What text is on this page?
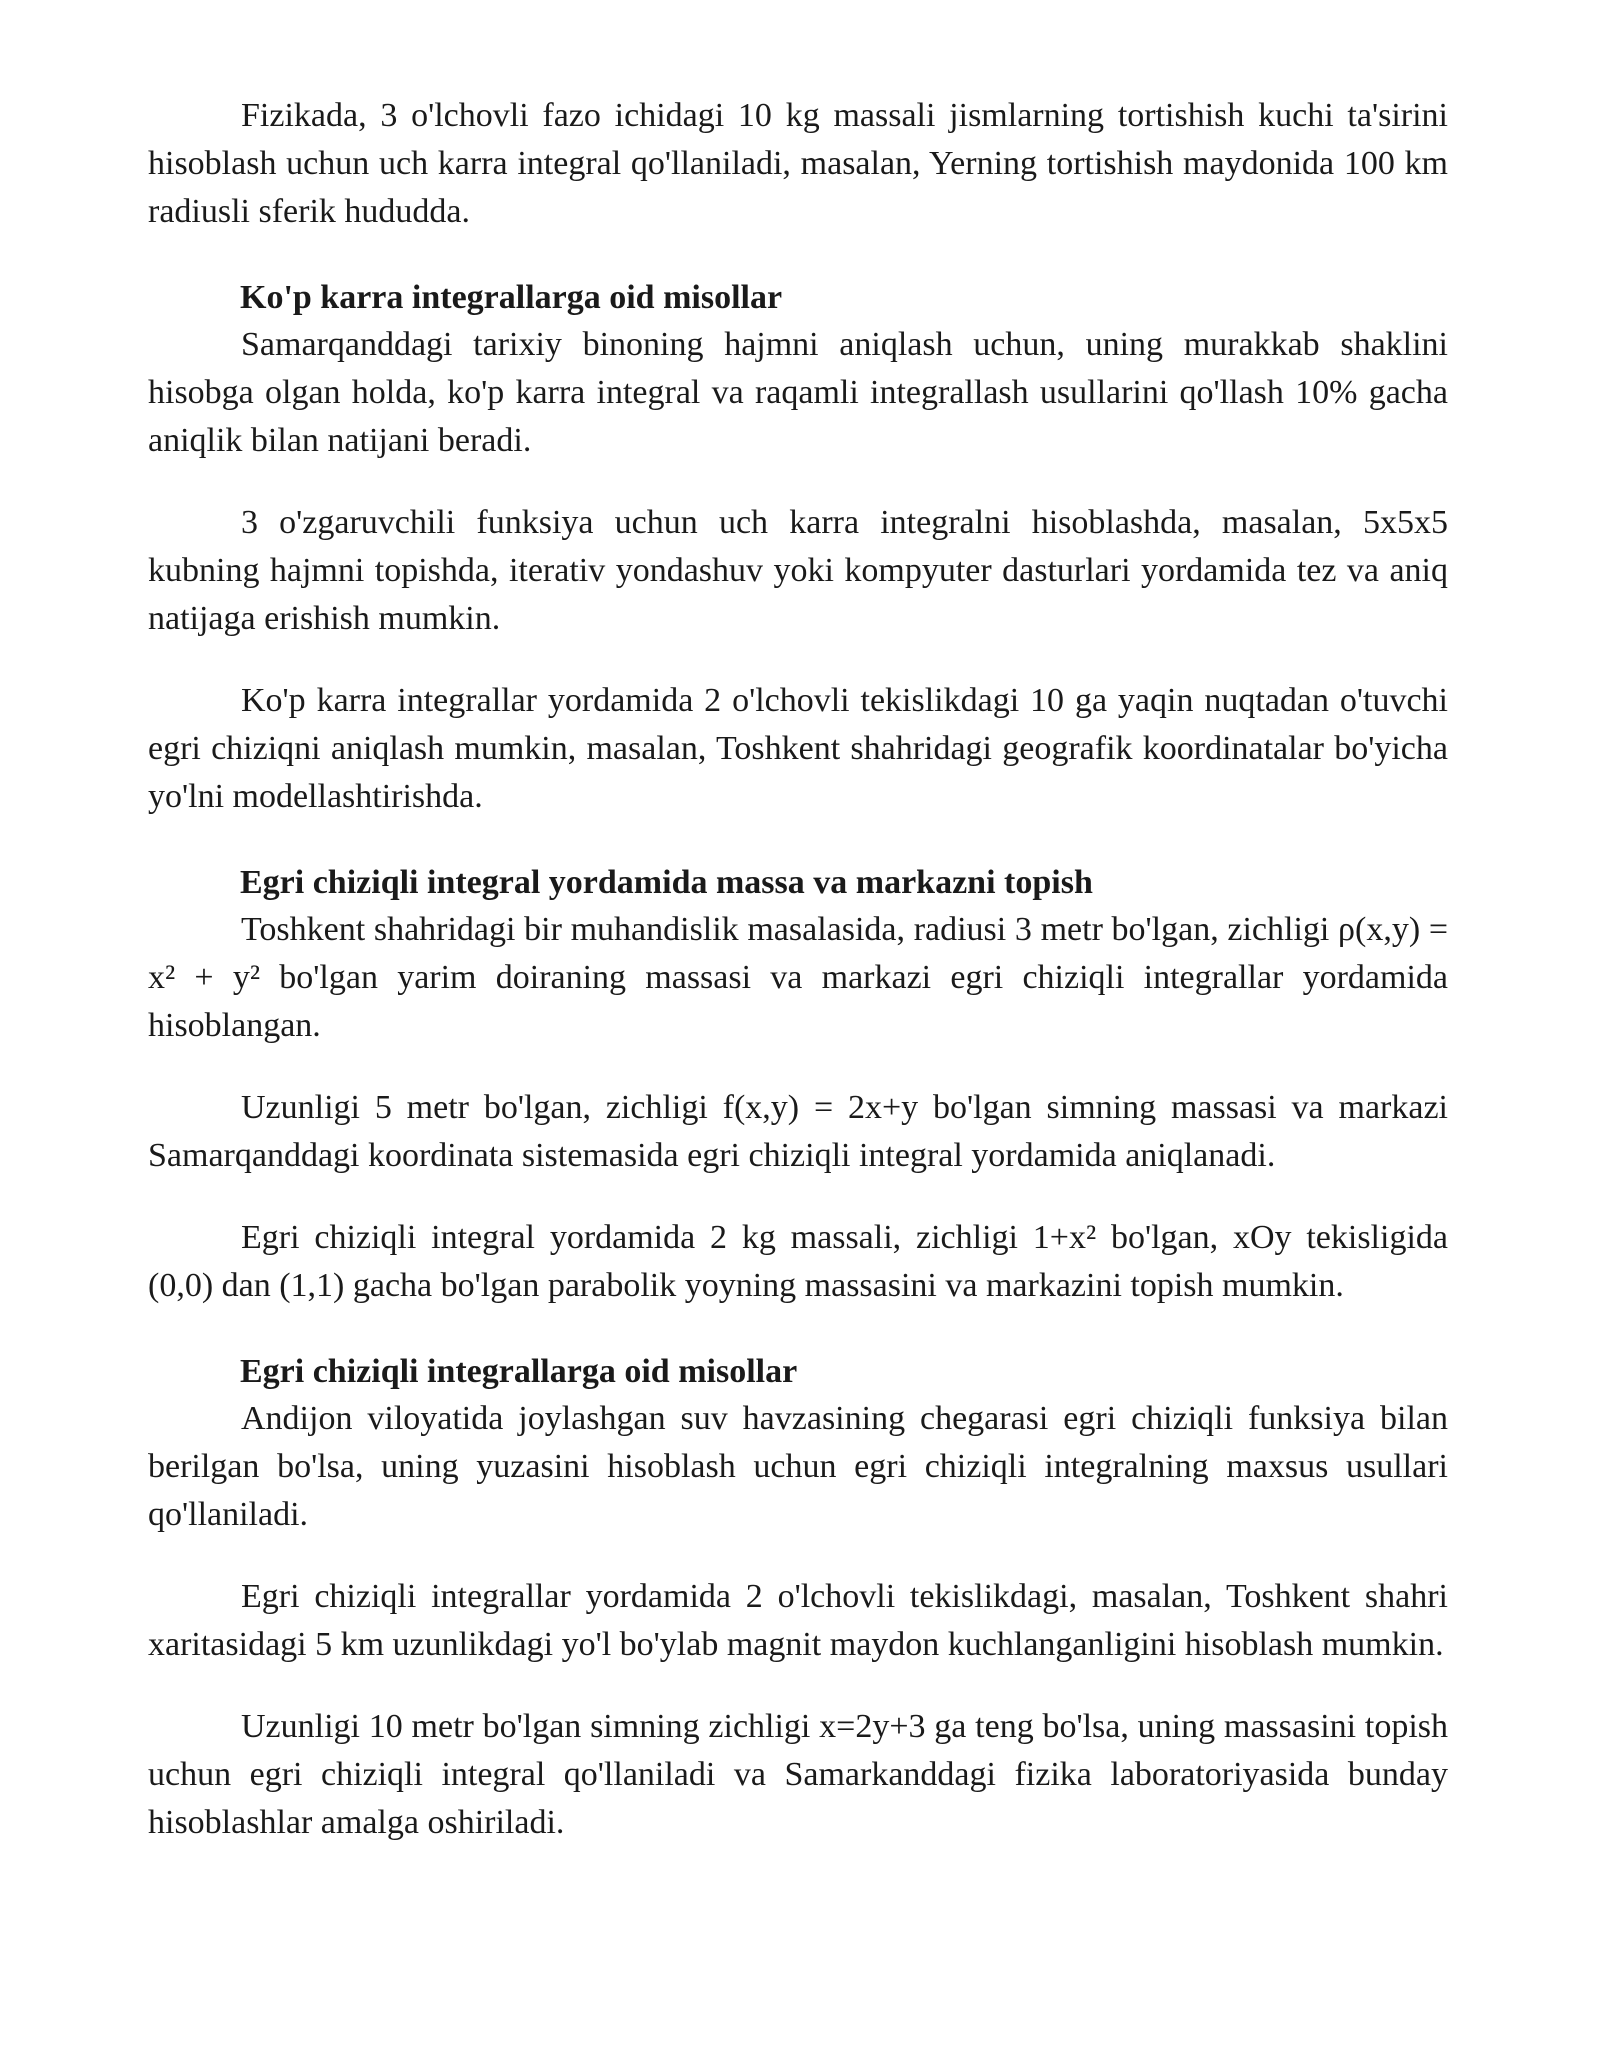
Fizikada, 3 o'lchovli fazo ichidagi 10 kg massali jismlarning tortishish kuchi ta'sirini hisoblash uchun uch karra integral qo'llaniladi, masalan, Yerning tortishish maydonida 100 km radiusli sferik hududda.

Ko'p karra integrallarga oid misollar

Samarqanddagi tarixiy binoning hajmni aniqlash uchun, uning murakkab shaklini hisobga olgan holda, ko'p karra integral va raqamli integrallash usullarini qo'llash 10% gacha aniqlik bilan natijani beradi.

3 o'zgaruvchili funksiya uchun uch karra integralni hisoblashda, masalan, 5x5x5 kubning hajmni topishda, iterativ yondashuv yoki kompyuter dasturlari yordamida tez va aniq natijaga erishish mumkin.

Ko'p karra integrallar yordamida 2 o'lchovli tekislikdagi 10 ga yaqin nuqtadan o'tuvchi egri chiziqni aniqlash mumkin, masalan, Toshkent shahridagi geografik koordinatalar bo'yicha yo'lni modellashtirishda.

Egri chiziqli integral yordamida massa va markazni topish

Toshkent shahridagi bir muhandislik masalasida, radiusi 3 metr bo'lgan, zichligi ρ(x,y) = x² + y² bo'lgan yarim doiraning massasi va markazi egri chiziqli integrallar yordamida hisoblangan.

Uzunligi 5 metr bo'lgan, zichligi f(x,y) = 2x+y bo'lgan simning massasi va markazi Samarqanddagi koordinata sistemasida egri chiziqli integral yordamida aniqlanadi.

Egri chiziqli integral yordamida 2 kg massali, zichligi 1+x² bo'lgan, xOy tekisligida (0,0) dan (1,1) gacha bo'lgan parabolik yoyning massasini va markazini topish mumkin.

Egri chiziqli integrallarga oid misollar

Andijon viloyatida joylashgan suv havzasining chegarasi egri chiziqli funksiya bilan berilgan bo'lsa, uning yuzasini hisoblash uchun egri chiziqli integralning maxsus usullari qo'llaniladi.

Egri chiziqli integrallar yordamida 2 o'lchovli tekislikdagi, masalan, Toshkent shahri xaritasidagi 5 km uzunlikdagi yo'l bo'ylab magnit maydon kuchlanganligini hisoblash mumkin.

Uzunligi 10 metr bo'lgan simning zichligi x=2y+3 ga teng bo'lsa, uning massasini topish uchun egri chiziqli integral qo'llaniladi va Samarkanddagi fizika laboratoriyasida bunday hisoblashlar amalga oshiriladi.
